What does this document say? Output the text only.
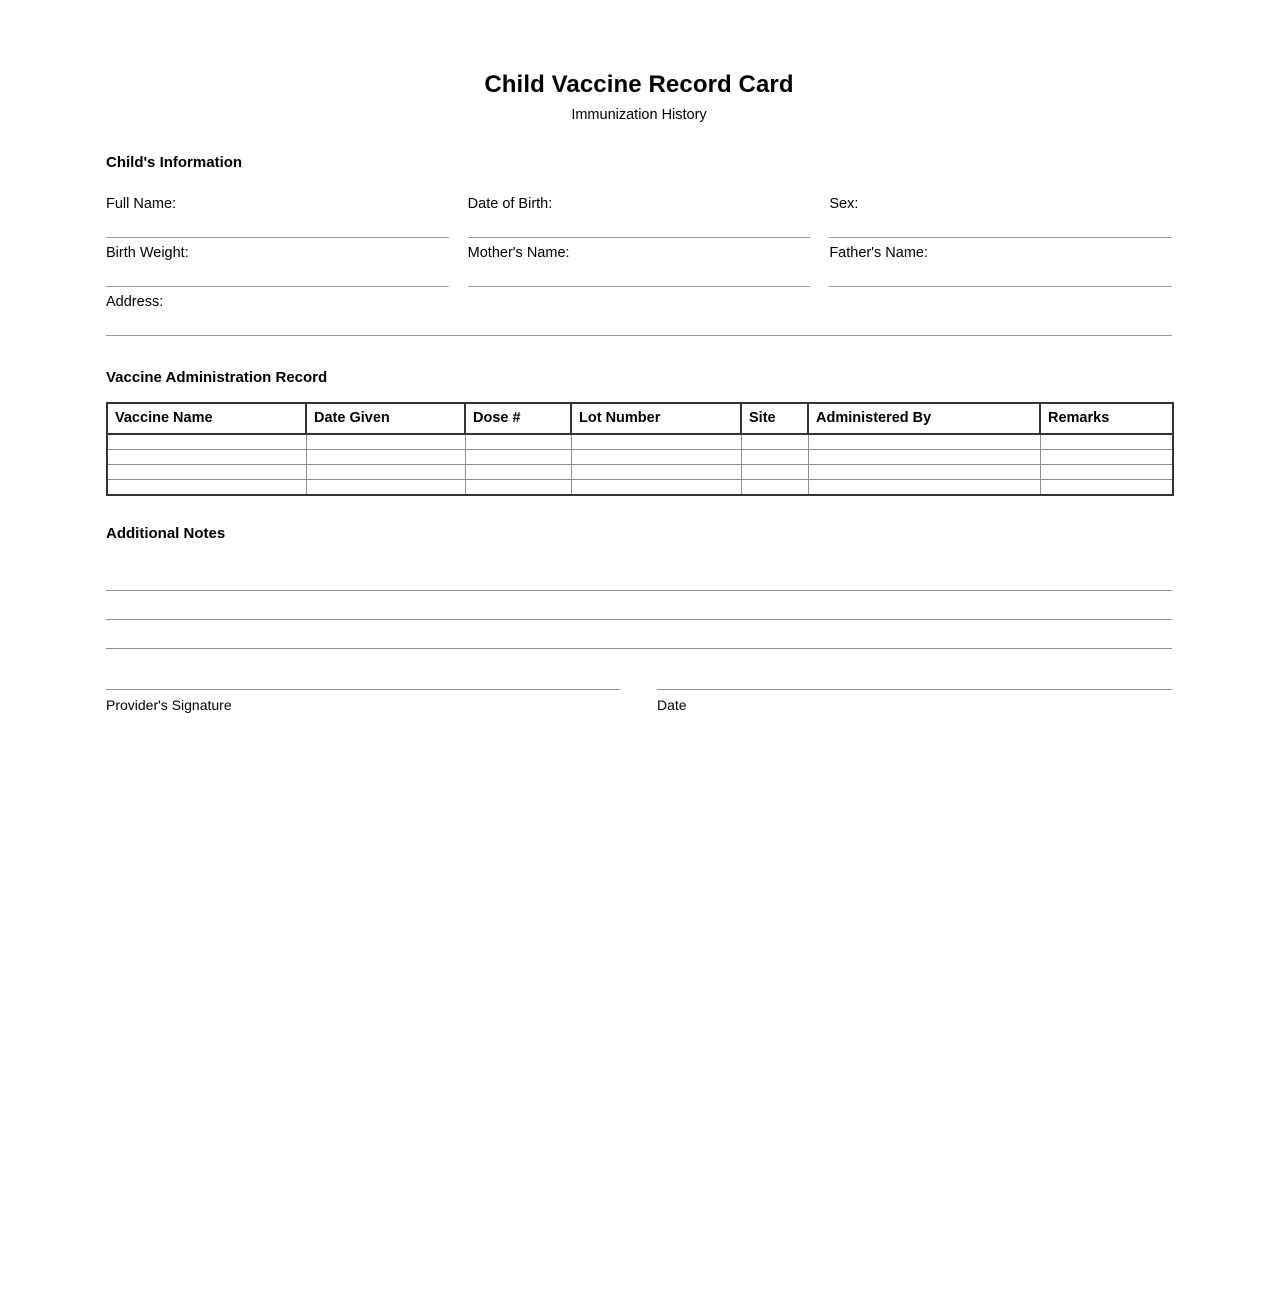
Child Vaccine Record Card

Immunization History

Child's Information
Full Name:	Date of Birth:	Sex:
Birth Weight:	Mother's Name:	Father's Name:
Address:
Vaccine Administration Record
Vaccine Name	Date Given	Dose #	Lot Number	Site	Administered By	Remarks

Additional Notes
Provider's Signature	Date
